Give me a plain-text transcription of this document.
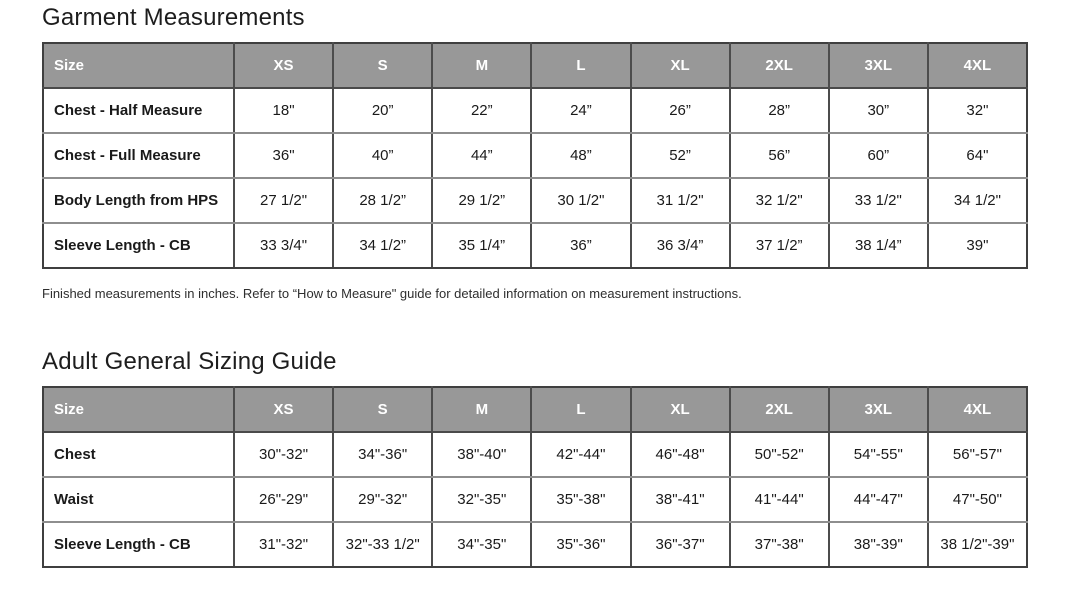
Garment Measurements
Size	XS	S	M	L	XL	2XL	3XL	4XL
Chest - Half Measure	18"	20”	22”	24”	26”	28”	30”	32"
Chest - Full Measure	36"	40”	44”	48”	52”	56”	60”	64"
Body Length from HPS	27 1/2"	28 1/2”	29 1/2”	30 1/2"	31 1/2"	32 1/2"	33 1/2"	34 1/2"
Sleeve Length - CB	33 3/4"	34 1/2”	35 1/4”	36”	36 3/4”	37 1/2”	38 1/4”	39"

Finished measurements in inches. Refer to “How to Measure" guide for detailed information on measurement instructions.

Adult General Sizing Guide
Size	XS	S	M	L	XL	2XL	3XL	4XL
Chest	30"-32"	34"-36"	38"-40"	42"-44"	46"-48"	50"-52"	54"-55"	56"-57"
Waist	26"-29"	29"-32"	32"-35"	35"-38"	38"-41"	41"-44"	44"-47"	47"-50"
Sleeve Length - CB	31"-32"	32"-33 1/2"	34"-35"	35"-36"	36"-37"	37"-38"	38"-39"	38 1/2"-39"
